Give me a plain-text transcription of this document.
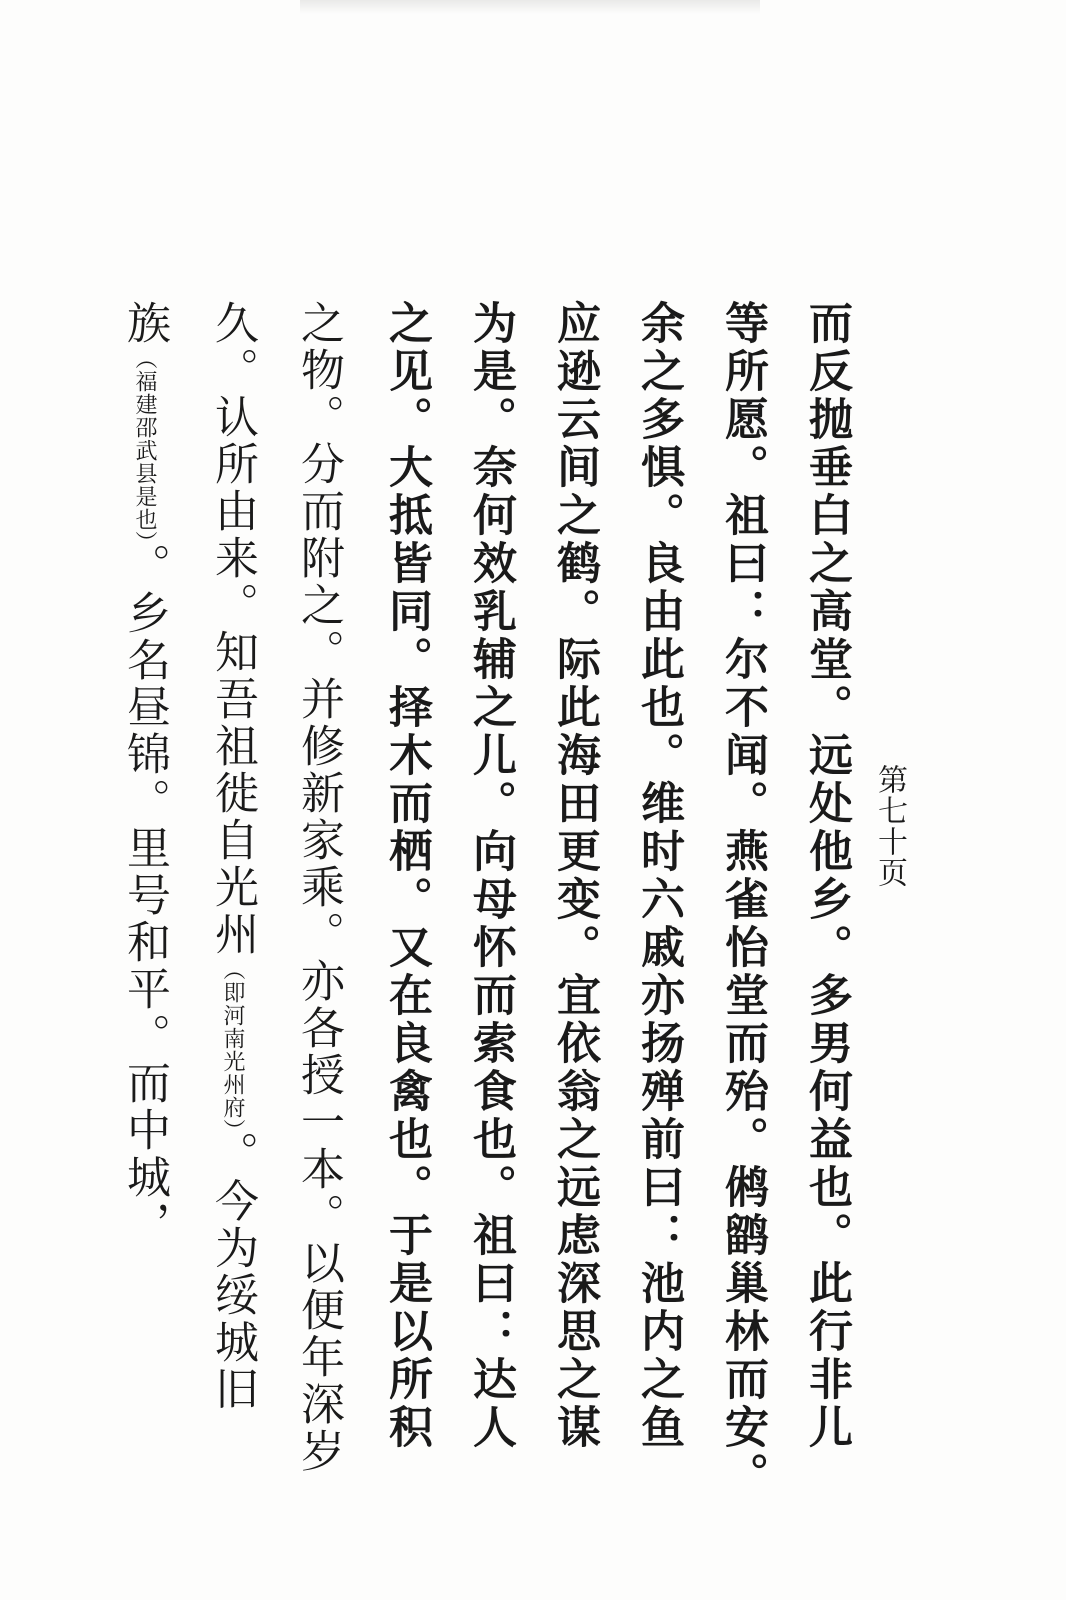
第七十页
而反抛垂白之高堂。远处他乡。多男何益也。此行非儿
等所愿。祖曰：尔不闻。燕雀怡堂而殆。鸺鹠巢林而安。
余之多惧。良由此也。维时六戚亦扬殚前曰：池内之鱼
应逊云间之鹤。际此海田更变。宜依翁之远虑深思之谋
为是。奈何效乳辅之儿。向母怀而索食也。祖曰：达人
之见。大抵皆同。择木而栖。又在良禽也。于是以所积
之物。分而附之。并修新家乘。亦各授一本。以便年深岁
久。认所由来。知吾祖徙自光州（即河南光州府）。今为绥城旧
族（福建邵武县是也）。乡名昼锦。里号和平。而中城，
